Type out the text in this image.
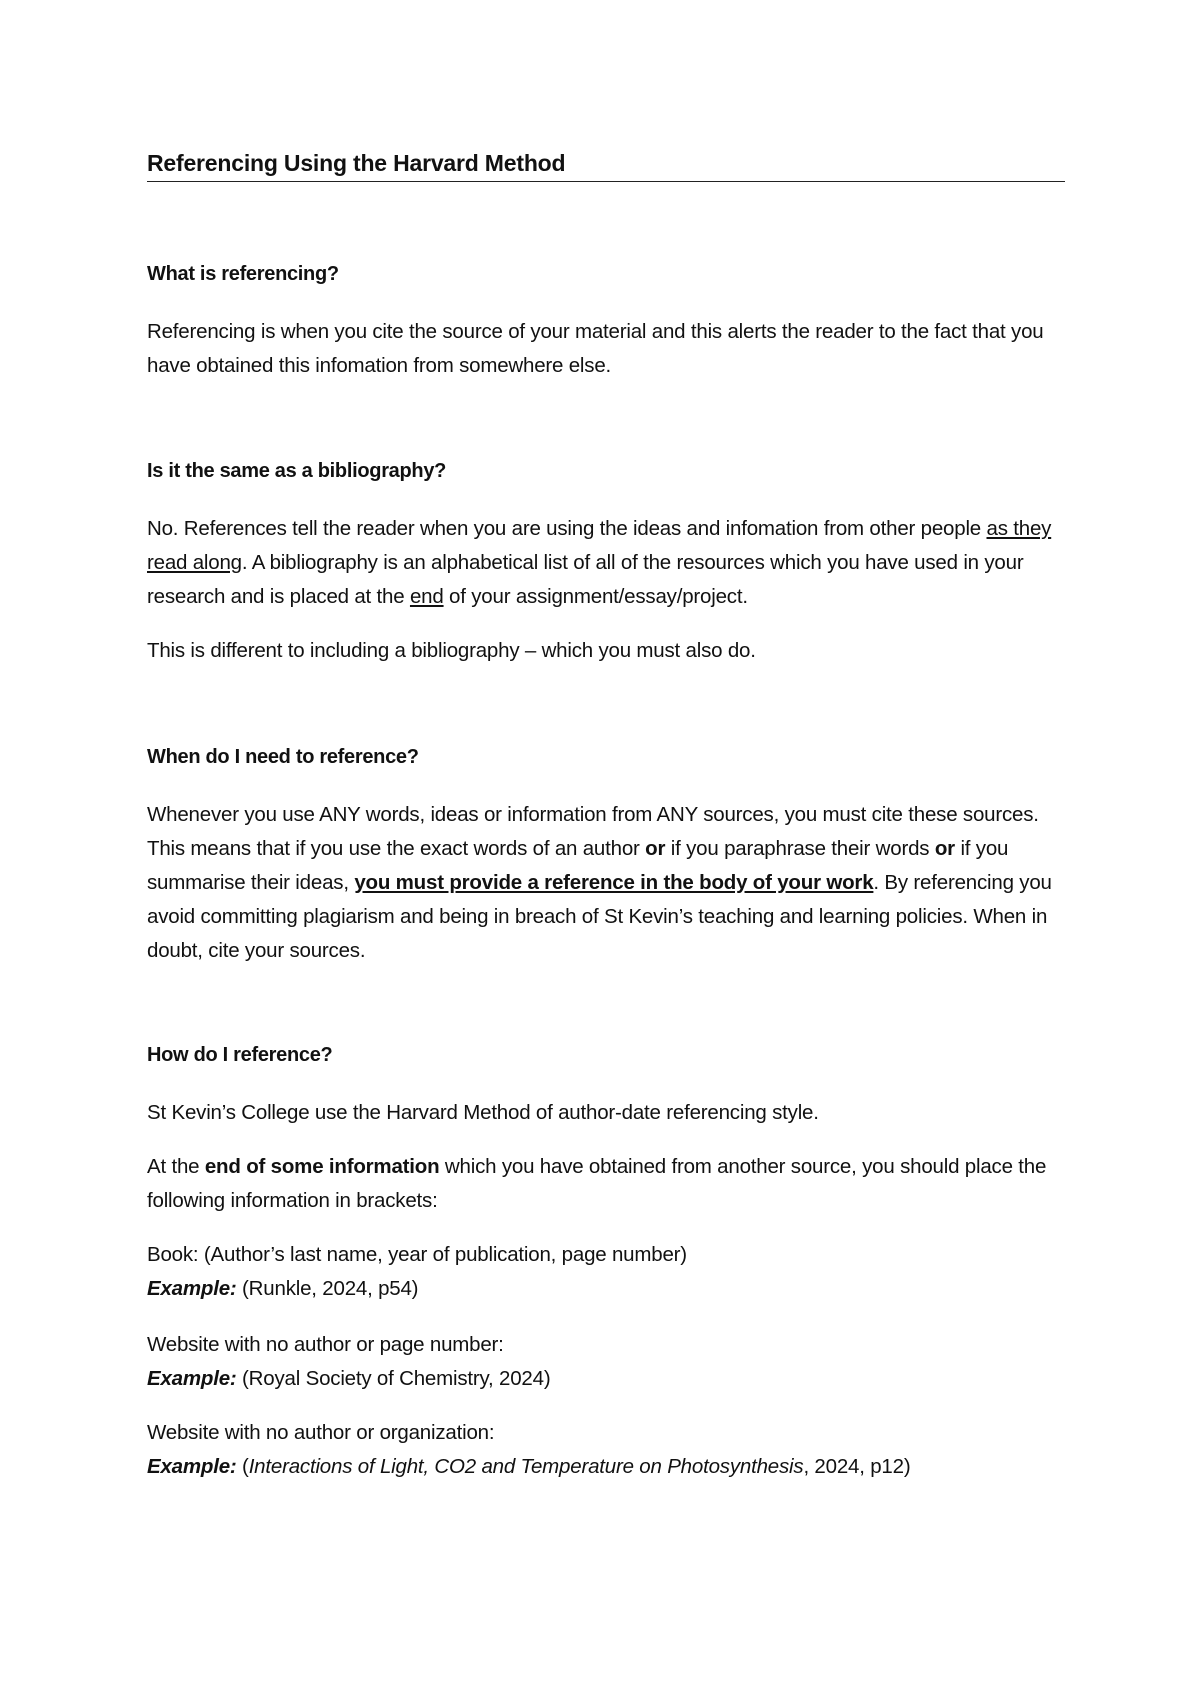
Referencing Using the Harvard Method
What is referencing?

Referencing is when you cite the source of your material and this alerts the reader to the fact that you have obtained this infomation from somewhere else.

Is it the same as a bibliography?

No. References tell the reader when you are using the ideas and infomation from other people as they read along. A bibliography is an alphabetical list of all of the resources which you have used in your research and is placed at the end of your assignment/essay/project.

This is different to including a bibliography – which you must also do.

When do I need to reference?

Whenever you use ANY words, ideas or information from ANY sources, you must cite these sources. This means that if you use the exact words of an author or if you paraphrase their words or if you summarise their ideas, you must provide a reference in the body of your work. By referencing you avoid committing plagiarism and being in breach of St Kevin’s teaching and learning policies. When in doubt, cite your sources.

How do I reference?

St Kevin’s College use the Harvard Method of author-date referencing style.

At the end of some information which you have obtained from another source, you should place the following information in brackets:

Book: (Author’s last name, year of publication, page number)
Example: (Runkle, 2024, p54)

Website with no author or page number:
Example: (Royal Society of Chemistry, 2024)

Website with no author or organization:
Example: (Interactions of Light, CO2 and Temperature on Photosynthesis, 2024, p12)
